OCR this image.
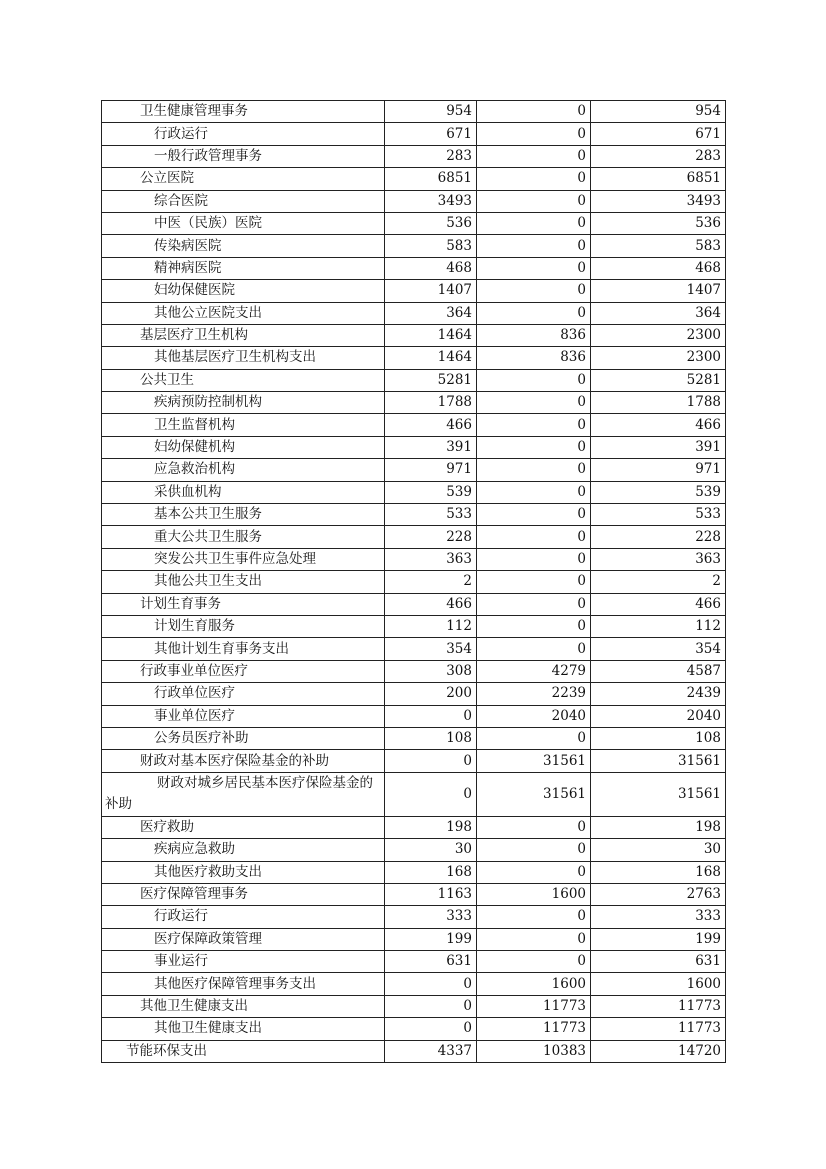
卫生健康管理事务	954	0	954
行政运行	671	0	671
一般行政管理事务	283	0	283
公立医院	6851	0	6851
综合医院	3493	0	3493
中医（民族）医院	536	0	536
传染病医院	583	0	583
精神病医院	468	0	468
妇幼保健医院	1407	0	1407
其他公立医院支出	364	0	364
基层医疗卫生机构	1464	836	2300
其他基层医疗卫生机构支出	1464	836	2300
公共卫生	5281	0	5281
疾病预防控制机构	1788	0	1788
卫生监督机构	466	0	466
妇幼保健机构	391	0	391
应急救治机构	971	0	971
采供血机构	539	0	539
基本公共卫生服务	533	0	533
重大公共卫生服务	228	0	228
突发公共卫生事件应急处理	363	0	363
其他公共卫生支出	2	0	2
计划生育事务	466	0	466
计划生育服务	112	0	112
其他计划生育事务支出	354	0	354
行政事业单位医疗	308	4279	4587
行政单位医疗	200	2239	2439
事业单位医疗	0	2040	2040
公务员医疗补助	108	0	108
财政对基本医疗保险基金的补助	0	31561	31561
财政对城乡居民基本医疗保险基金的补助	0	31561	31561
医疗救助	198	0	198
疾病应急救助	30	0	30
其他医疗救助支出	168	0	168
医疗保障管理事务	1163	1600	2763
行政运行	333	0	333
医疗保障政策管理	199	0	199
事业运行	631	0	631
其他医疗保障管理事务支出	0	1600	1600
其他卫生健康支出	0	11773	11773
其他卫生健康支出	0	11773	11773
节能环保支出	4337	10383	14720
